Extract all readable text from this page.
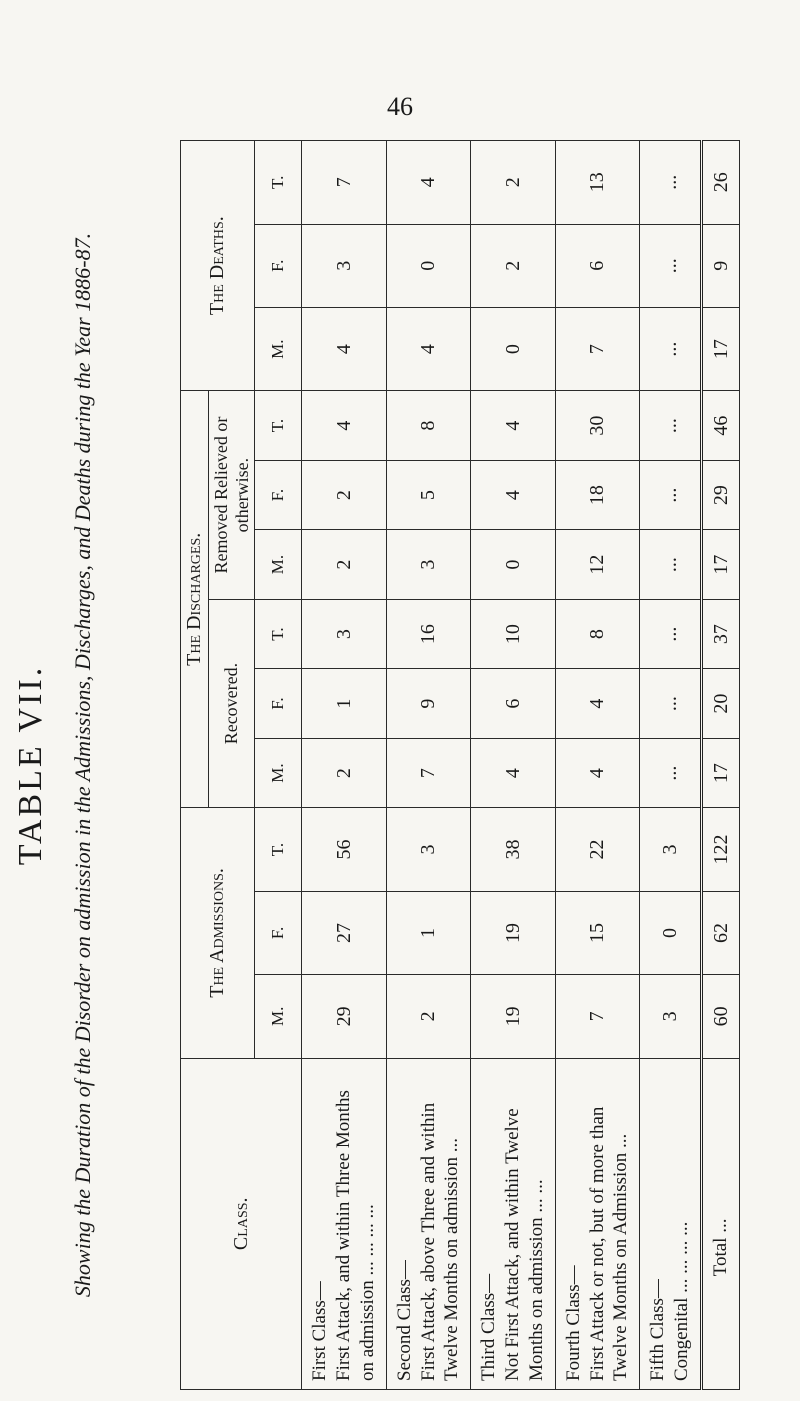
46
TABLE VII. Showing the Duration of the Disorder on admission in the Admissions, Discharges, and Deaths during the Year 1886-87.	Class.	The Admissions.			The Discharges.						The Deaths.		
				Recovered.			Removed Relieved or otherwise.					
	M.	F.	T.	M.	F.	T.	M.	F.	T.	M.	F.	T.

First Class— First Attack, and within Three Months on admission ... ... ... ...	29	27	56	2	1	3	2	2	4	4	3	7

Second Class— First Attack, above Three and within Twelve Months on admission ...	2	1	3	7	9	16	3	5	8	4	0	4

Third Class— Not First Attack, and within Twelve Months on admission ... ...	19	19	38	4	6	10	0	4	4	0	2	2

Fourth Class— First Attack or not, but of more than Twelve Months on Admission ...	7	15	22	4	4	8	12	18	30	7	6	13

Fifth Class— Congenital ... ... ... ...	3	0	3	...	...	...	...	...	...	...	...	...
Total ...	60	62	122	17	20	37	17	29	46	17	9	26
